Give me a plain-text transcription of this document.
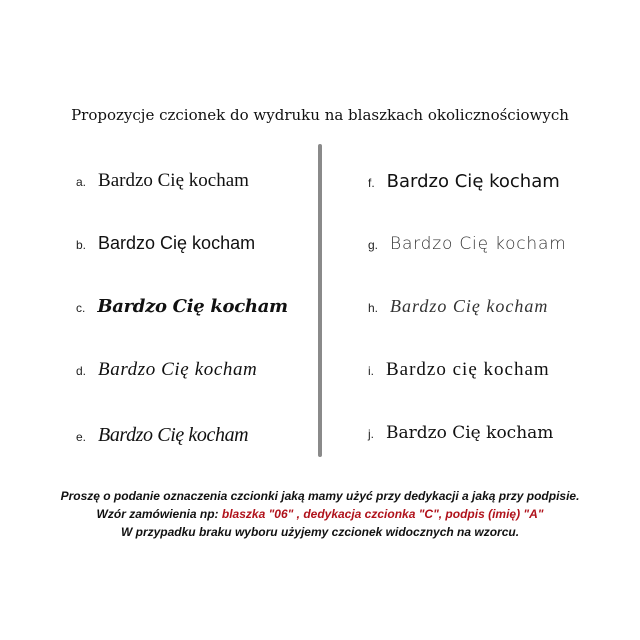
Propozycje czcionek do wydruku na blaszkach okolicznościowych
a. Bardzo Cię kocham
b. Bardzo Cię kocham
c. Bardzo Cię kocham
d. Bardzo Cię kocham
e. Bardzo Cię kocham
f. Bardzo Cię kocham
g. Bardzo Cię kocham
h. Bardzo Cię kocham
i. Bardzo cię kocham
j. Bardzo Cię kocham
Proszę o podanie oznaczenia czcionki jaką mamy użyć przy dedykacji a jaką przy podpisie.
Wzór zamówienia np: blaszka "06" , dedykacja czcionka "C", podpis (imię) "A"
W przypadku braku wyboru użyjemy czcionek widocznych na wzorcu.
